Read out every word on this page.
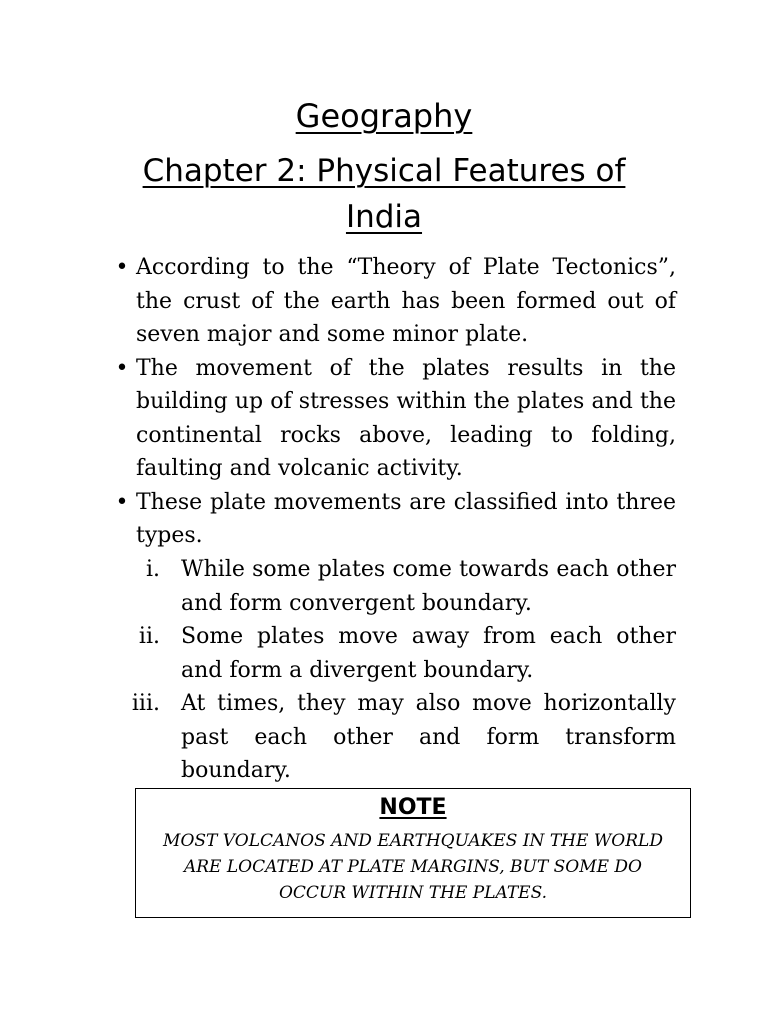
Geography
Chapter 2: Physical Features of India
• According to the “Theory of Plate Tectonics”, the crust of the earth has been formed out of seven major and some minor plate.
• The movement of the plates results in the building up of stresses within the plates and the continental rocks above, leading to folding, faulting and volcanic activity.
• These plate movements are classified into three types.
i. While some plates come towards each other and form convergent boundary.
ii. Some plates move away from each other and form a divergent boundary.
iii. At times, they may also move horizontally past each other and form transform boundary.
NOTE
MOST VOLCANOS AND EARTHQUAKES IN THE WORLD ARE LOCATED AT PLATE MARGINS, BUT SOME DO OCCUR WITHIN THE PLATES.
